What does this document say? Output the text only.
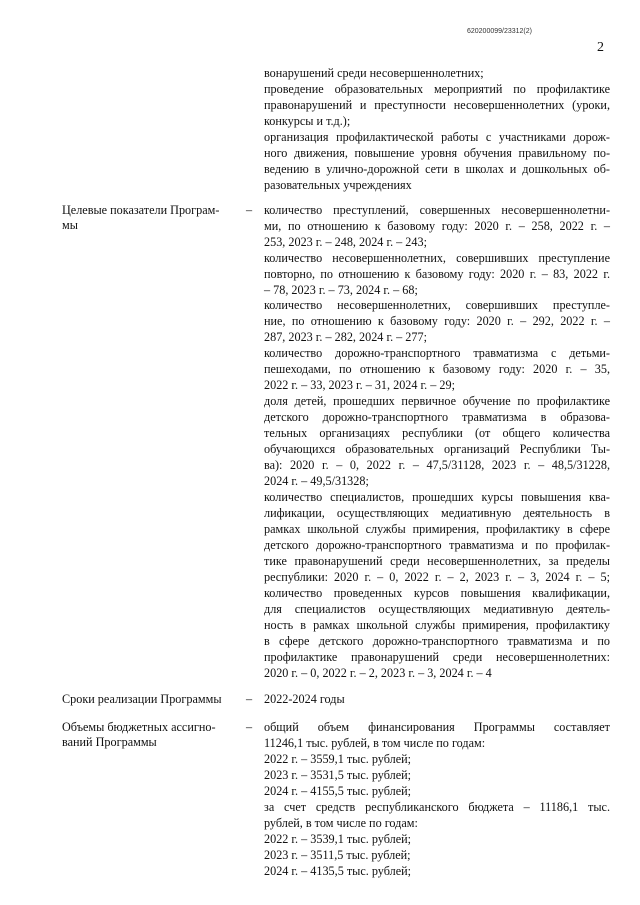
620200099/23312(2)
2
вонарушений среди несовершеннолетних;
проведение образовательных мероприятий по профилактике
правонарушений и преступности несовершеннолетних (уроки,
конкурсы и т.д.);
организация профилактической работы с участниками дорож-
ного движения, повышение уровня обучения правильному по-
ведению в улично-дорожной сети в школах и дошкольных об-
разовательных учреждениях
Целевые показатели Програм-
мы
– количество преступлений, совершенных несовершеннолетни-
ми, по отношению к базовому году: 2020 г. – 258, 2022 г. –
253, 2023 г. – 248, 2024 г. – 243;
количество несовершеннолетних, совершивших преступление
повторно, по отношению к базовому году: 2020 г. – 83, 2022 г.
– 78, 2023 г. – 73, 2024 г. – 68;
количество несовершеннолетних, совершивших преступле-
ние, по отношению к базовому году: 2020 г. – 292, 2022 г. –
287, 2023 г. – 282, 2024 г. – 277;
количество дорожно-транспортного травматизма с детьми-
пешеходами, по отношению к базовому году: 2020 г. – 35,
2022 г. – 33, 2023 г. – 31, 2024 г. – 29;
доля детей, прошедших первичное обучение по профилактике
детского дорожно-транспортного травматизма в образова-
тельных организациях республики (от общего количества
обучающихся образовательных организаций Республики Ты-
ва): 2020 г. – 0, 2022 г. – 47,5/31128, 2023 г. – 48,5/31228,
2024 г. – 49,5/31328;
количество специалистов, прошедших курсы повышения ква-
лификации, осуществляющих медиативную деятельность в
рамках школьной службы примирения, профилактику в сфере
детского дорожно-транспортного травматизма и по профилак-
тике правонарушений среди несовершеннолетних, за пределы
республики: 2020 г. – 0, 2022 г. – 2, 2023 г. – 3, 2024 г. – 5;
количество проведенных курсов повышения квалификации,
для специалистов осуществляющих медиативную деятель-
ность в рамках школьной службы примирения, профилактику
в сфере детского дорожно-транспортного травматизма и по
профилактике правонарушений среди несовершеннолетних:
2020 г. – 0, 2022 г. – 2, 2023 г. – 3, 2024 г. – 4
Сроки реализации Программы	– 2022-2024 годы
Объемы бюджетных ассигно-
ваний Программы
– общий объем финансирования Программы составляет
11246,1 тыс. рублей, в том числе по годам:
2022 г. – 3559,1 тыс. рублей;
2023 г. – 3531,5 тыс. рублей;
2024 г. – 4155,5 тыс. рублей;
за счет средств республиканского бюджета – 11186,1 тыс.
рублей, в том числе по годам:
2022 г. – 3539,1 тыс. рублей;
2023 г. – 3511,5 тыс. рублей;
2024 г. – 4135,5 тыс. рублей;
